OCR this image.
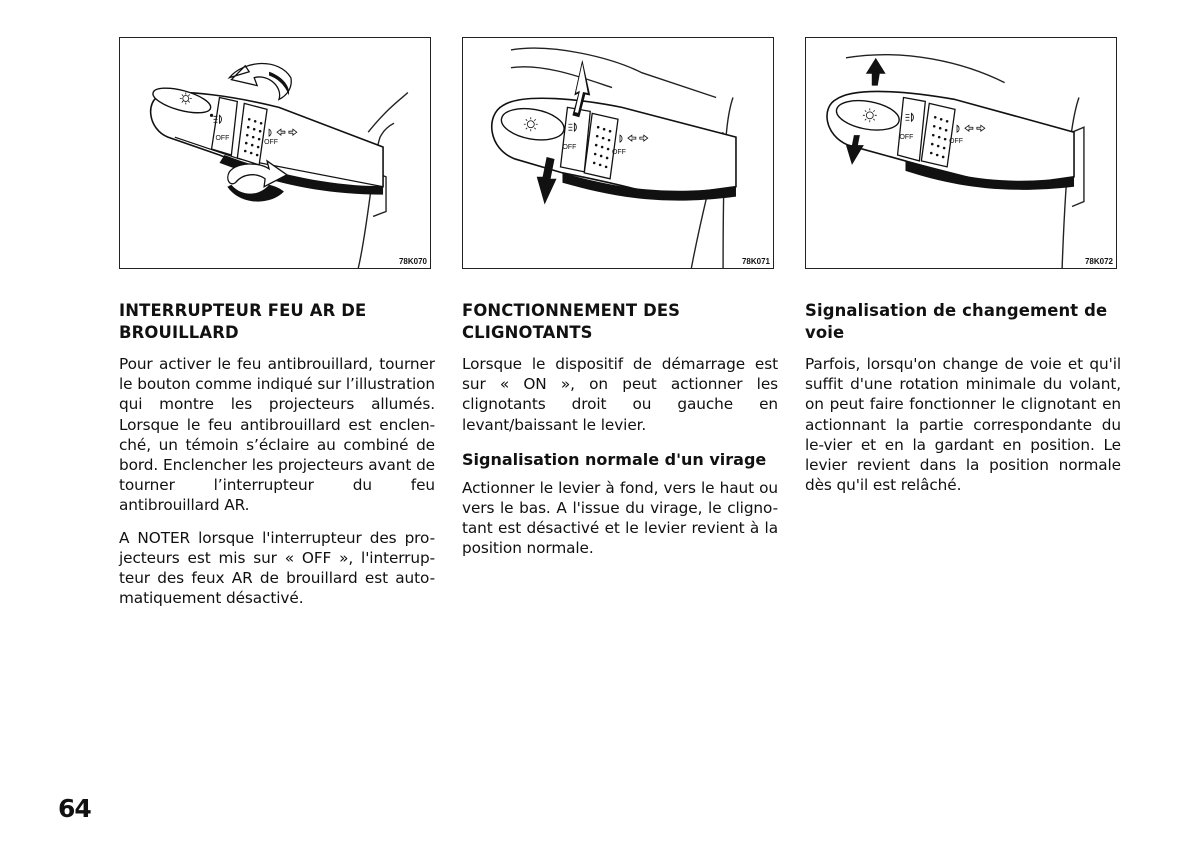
OFF
OFF
78K070
OFF
OFF
78K071
OFF
OFF
78K072
INTERRUPTEUR FEU AR DE BROUILLARD

Pour activer le feu antibrouillard, tourner le bouton comme indiqué sur l’illustration qui montre les projecteurs allumés. Lorsque le feu antibrouillard est enclen-ché, un témoin s’éclaire au combiné de bord. Enclencher les projecteurs avant de tourner l’interrupteur du feu antibrouillard AR.

A NOTER lorsque l'interrupteur des pro-jecteurs est mis sur « OFF », l'interrup-teur des feux AR de brouillard est auto-matiquement désactivé.

FONCTIONNEMENT DES CLIGNOTANTS

Lorsque le dispositif de démarrage est sur « ON », on peut actionner les clignotants droit ou gauche en levant/baissant le levier.

Signalisation normale d'un virage

Actionner le levier à fond, vers le haut ou vers le bas. A l'issue du virage, le cligno-tant est désactivé et le levier revient à la position normale.

Signalisation de changement de voie

Parfois, lorsqu'on change de voie et qu'il suffit d'une rotation minimale du volant, on peut faire fonctionner le clignotant en actionnant la partie correspondante du le-vier et en la gardant en position. Le levier revient dans la position normale dès qu'il est relâché.

64
